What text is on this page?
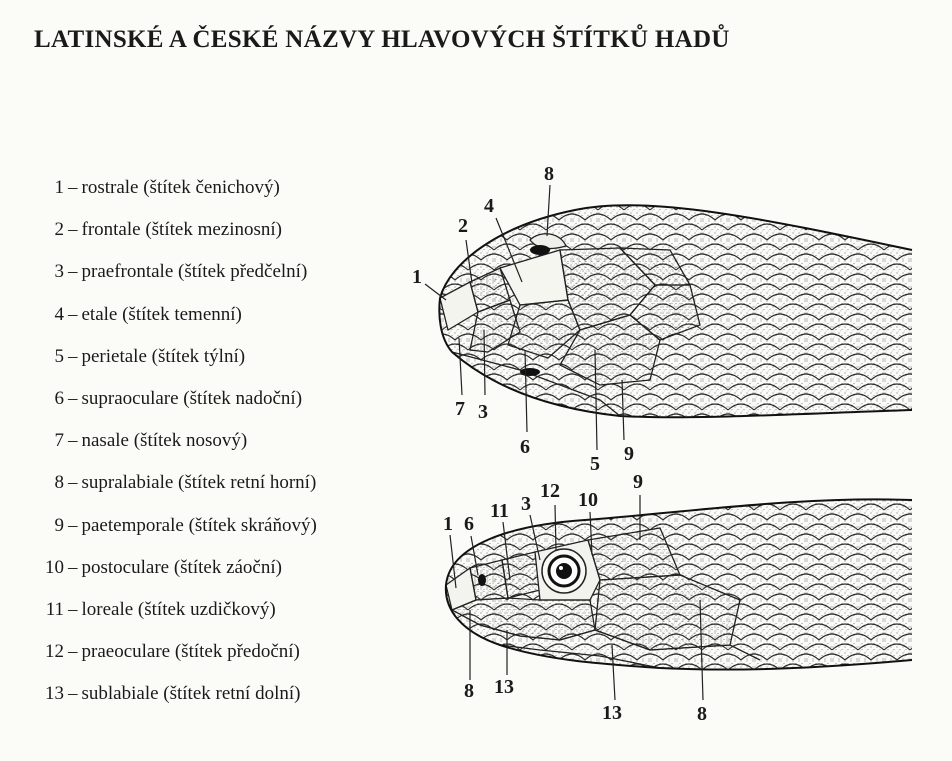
LATINSKÉ A ČESKÉ NÁZVY HLAVOVÝCH ŠTÍTKŮ HADŮ
1 – rostrale (štítek čenichový)
2 – frontale (štítek mezinosní)
3 – praefrontale (štítek předčelní)
4 – etale (štítek temenní)
5 – perietale (štítek týlní)
6 – supraoculare (štítek nadoční)
7 – nasale (štítek nosový)
8 – supralabiale (štítek retní horní)
9 – paetemporale (štítek skráňový)
10 – postoculare (štítek záoční)
11 – loreale (štítek uzdičkový)
12 – praeoculare (štítek předoční)
13 – sublabiale (štítek retní dolní)
1
2
4
8
7 3
6
5 9
1 6
11 3
12 10
9
8 13
13	8
